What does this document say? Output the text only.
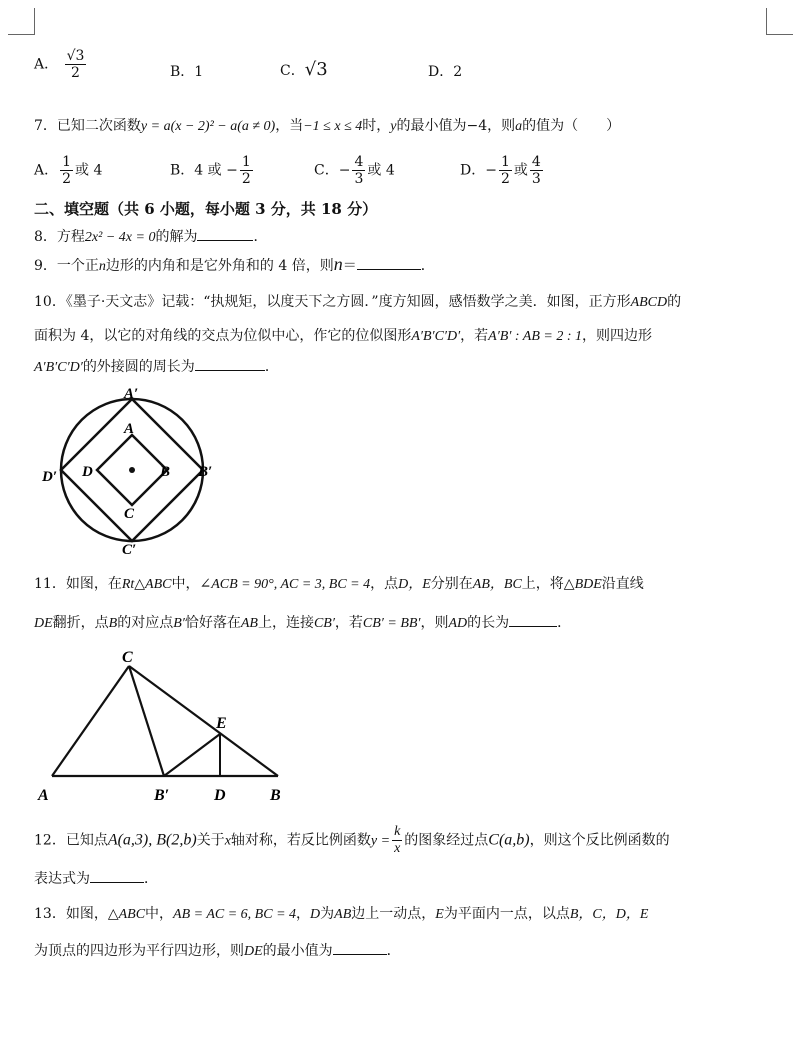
A． $\frac{√3}{2}$	B．1	C．√3	D．2
7．已知二次函数y = a(x − 2)² − a(a ≠ 0)，当−1 ≤ x ≤ 4时，y的最小值为−4，则a的值为（　　）
A． $\frac{1}{2}$ 或 4	B．4 或 − $\frac{1}{2}$	C．− $\frac{4}{3}$ 或 4	D．− $\frac{1}{2}$ 或 $\frac{4}{3}$
二、填空题（共 6 小题，每小题 3 分，共 18 分）
8．方程2x² − 4x = 0的解为	．
9．一个正n边形的内角和是它外角和的 4 倍，则n＝	．
10．《墨子·天文志》记载：“执规矩，以度天下之方圆．”度方知圆，感悟数学之美．如图，正方形ABCD的
面积为 4，以它的对角线的交点为位似中心，作它的位似图形A′B′C′D′，若A′B′ : AB = 2 : 1，则四边形
A′B′C′D′的外接圆的周长为	．
A′
B′
C′
D′
A
B
C
D
11．如图，在Rt△ABC中，∠ACB = 90°, AC = 3, BC = 4，点D，E分别在AB，BC上，将△BDE沿直线
DE翻折，点B的对应点B′恰好落在AB上，连接CB′，若CB′ = BB′，则AD的长为	．
C
E
A	B′	D	B
12．已知点A(a,3), B(2,b)关于x轴对称，若反比例函数$y = \frac{k}{x}$ 的图象经过点C(a,b)，则这个反比例函数的
表达式为	．
13．如图，△ABC中，AB = AC = 6, BC = 4，D为AB边上一动点，E为平面内一点，以点B，C，D，E
为顶点的四边形为平行四边形，则DE的最小值为	．
